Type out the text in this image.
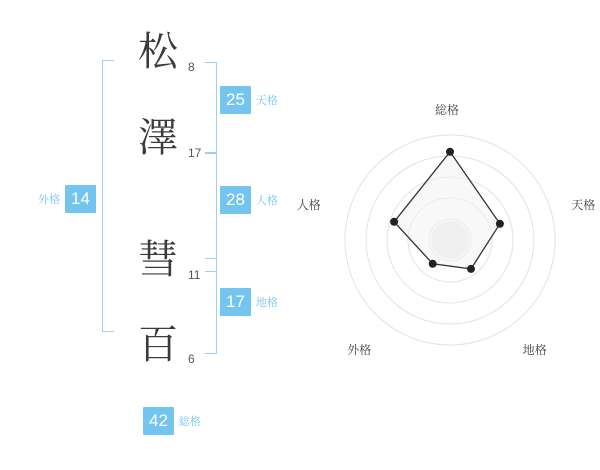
松 8
澤 17
彗 11
百 6
25	天格
28	人格
17	地格
外格 14
42	総格
総格
天格
地格
外格
人格
